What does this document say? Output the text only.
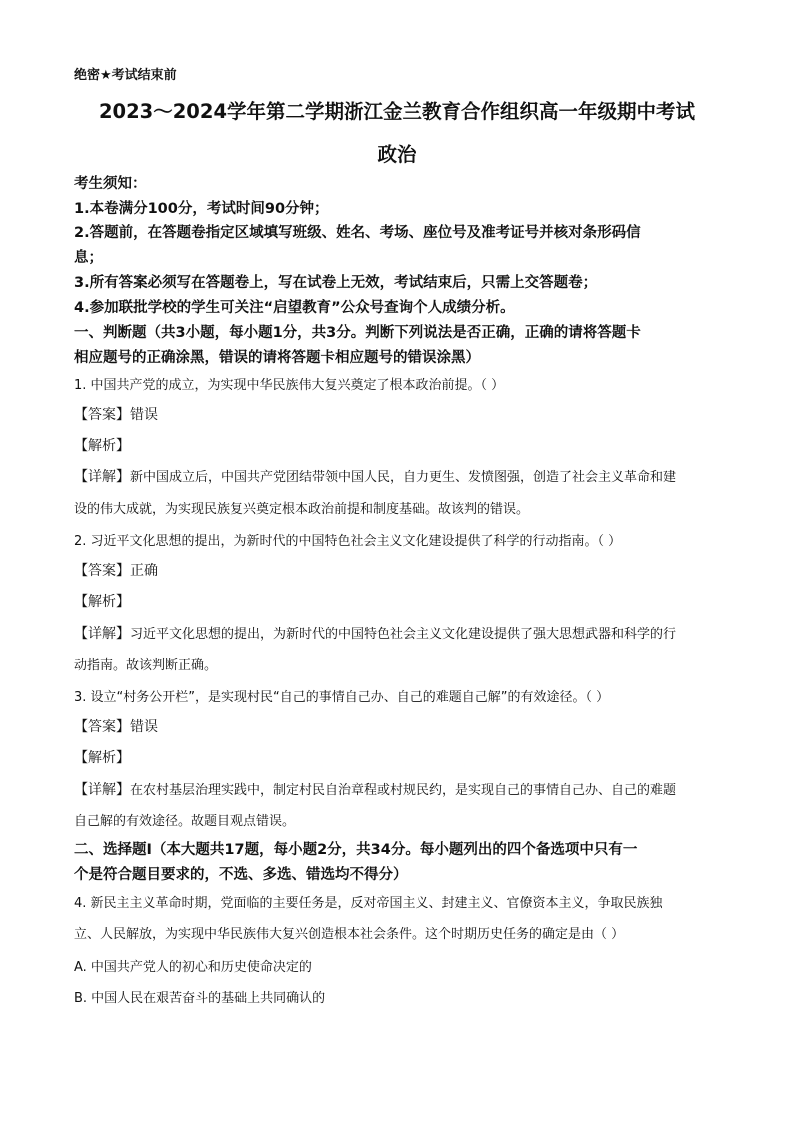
绝密★考试结束前
2023～2024学年第二学期浙江金兰教育合作组织高一年级期中考试
政治
考生须知：
1.本卷满分100分，考试时间90分钟；
2.答题前，在答题卷指定区域填写班级、姓名、考场、座位号及准考证号并核对条形码信
息；
3.所有答案必须写在答题卷上，写在试卷上无效，考试结束后，只需上交答题卷；
4.参加联批学校的学生可关注“启望教育”公众号查询个人成绩分析。
一、判断题（共3小题，每小题1分，共3分。判断下列说法是否正确，正确的请将答题卡
相应题号的正确涂黑，错误的请将答题卡相应题号的错误涂黑）
1. 中国共产党的成立，为实现中华民族伟大复兴奠定了根本政治前提。（ ）
【答案】错误
【解析】
【详解】新中国成立后，中国共产党团结带领中国人民，自力更生、发愤图强，创造了社会主义革命和建
设的伟大成就，为实现民族复兴奠定根本政治前提和制度基础。故该判的错误。
2. 习近平文化思想的提出，为新时代的中国特色社会主义文化建设提供了科学的行动指南。（ ）
【答案】正确
【解析】
【详解】习近平文化思想的提出，为新时代的中国特色社会主义文化建设提供了强大思想武器和科学的行
动指南。故该判断正确。
3. 设立“村务公开栏”，是实现村民“自己的事情自己办、自己的难题自己解”的有效途径。（ ）
【答案】错误
【解析】
【详解】在农村基层治理实践中，制定村民自治章程或村规民约，是实现自己的事情自己办、自己的难题
自己解的有效途径。故题目观点错误。
二、选择题Ⅰ（本大题共17题，每小题2分，共34分。每小题列出的四个备选项中只有一
个是符合题目要求的，不选、多选、错选均不得分）
4. 新民主主义革命时期，党面临的主要任务是，反对帝国主义、封建主义、官僚资本主义，争取民族独
立、人民解放，为实现中华民族伟大复兴创造根本社会条件。这个时期历史任务的确定是由（ ）
A. 中国共产党人的初心和历史使命决定的
B. 中国人民在艰苦奋斗的基础上共同确认的
